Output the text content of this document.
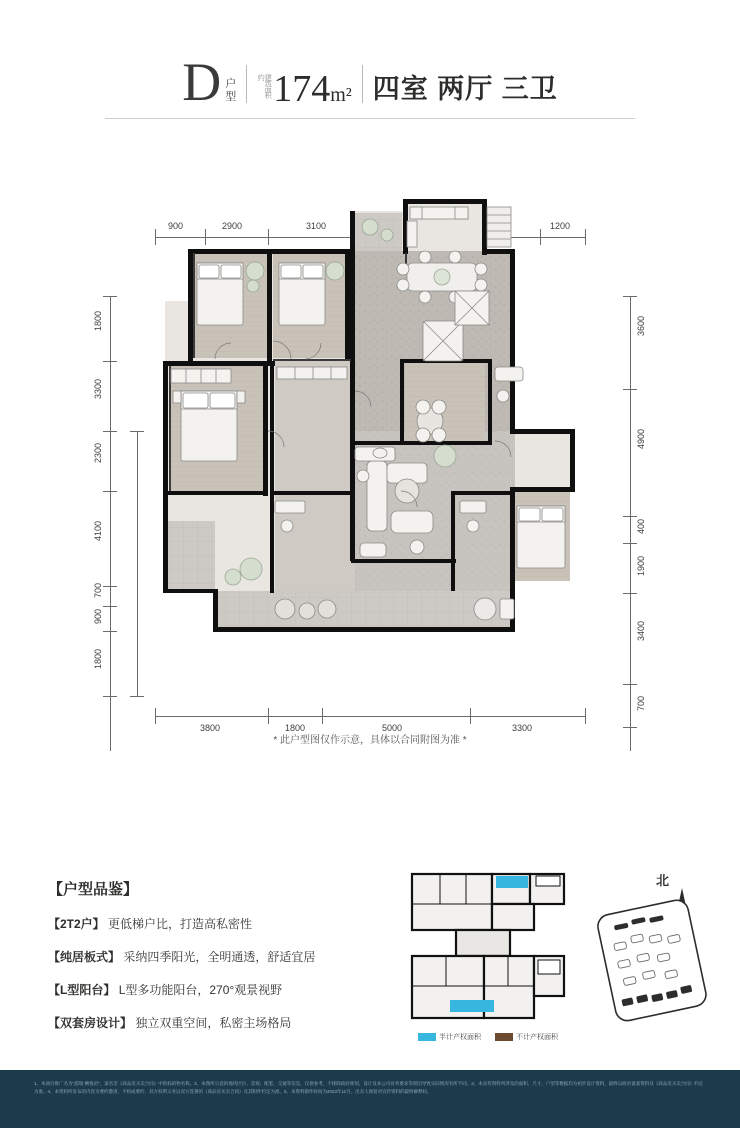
D 户
型	建筑面积约 174m² 四室 两厅 三卫
900	2900	3100	1200
1800
3300
2300
4100
700
900
1800
3600
4900
400
1900
3400
700
3800	1800	5000	3300
* 此户型图仅作示意，具体以合同附图为准 *
【户型品鉴】
【2T2户】 更低梯户比，打造高私密性
【纯居板式】 采纳四季阳光，全明通透，舒适宜居
【L型阳台】 L型多功能阳台，270°观景视野
【双套房设计】 独立双重空间，私密主场格局
半计产权面积	不计产权面积
北
1、本项目推广名为"浦瑞·栖悦府"，案名非《商品房买卖合同》中的标的物名称。2、本图所示意的地块区位、景观、配套、交通等信息，仅供参考，不排除政府规划、设计及本公司业务要求等原因导致实际情况有所不同。3、本宣传资料所涉及的面积、尺寸、户型等数据均为初步设计资料，最终以政府备案资料及《商品房买卖合同》约定为准。4、本资料所发布的内容为要约邀请，不构成要约，双方权利义务以双方签署的《商品房买卖合同》及其附件约定为准。5、本资料制作时间为2023年11月，出卖人保留对宣传资料的最终解释权。
